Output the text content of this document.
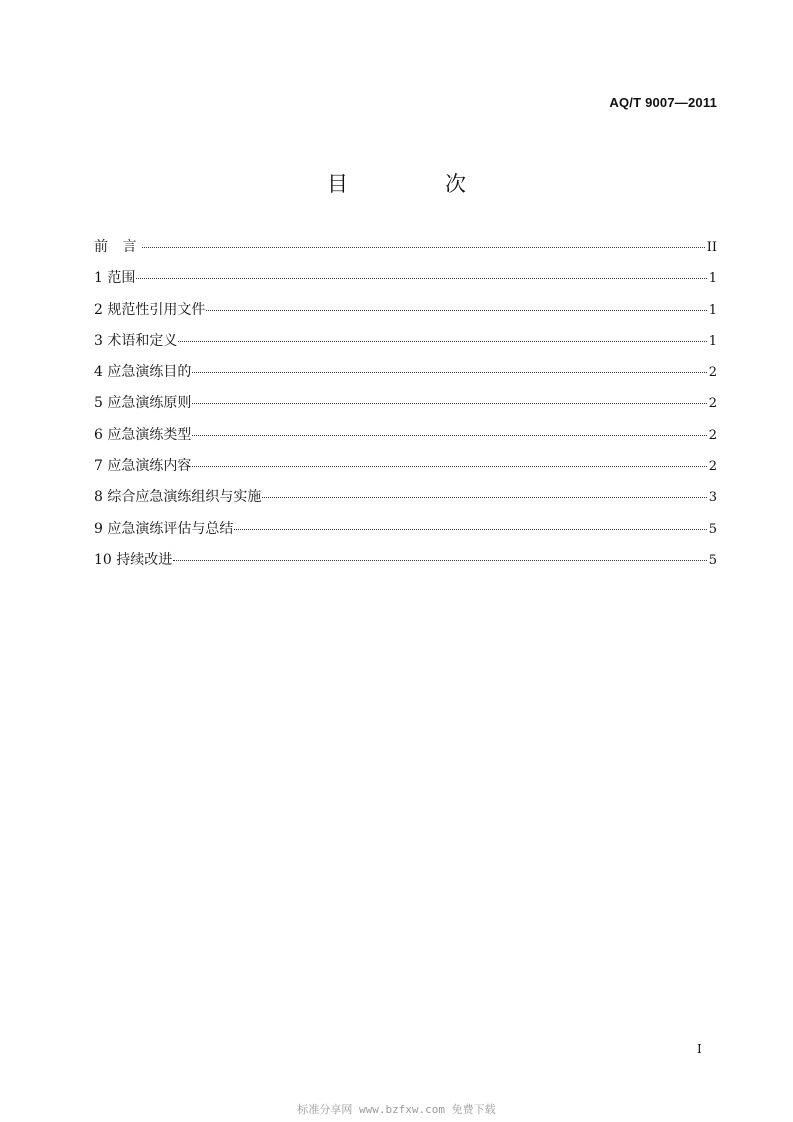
AQ/T 9007—2011
目　次
前 言	II
1 范围	1
2 规范性引用文件	1
3 术语和定义	1
4 应急演练目的	2
5 应急演练原则	2
6 应急演练类型	2
7 应急演练内容	2
8 综合应急演练组织与实施	3
9 应急演练评估与总结	5
10 持续改进	5
I
标准分享网 www.bzfxw.com 免费下载
